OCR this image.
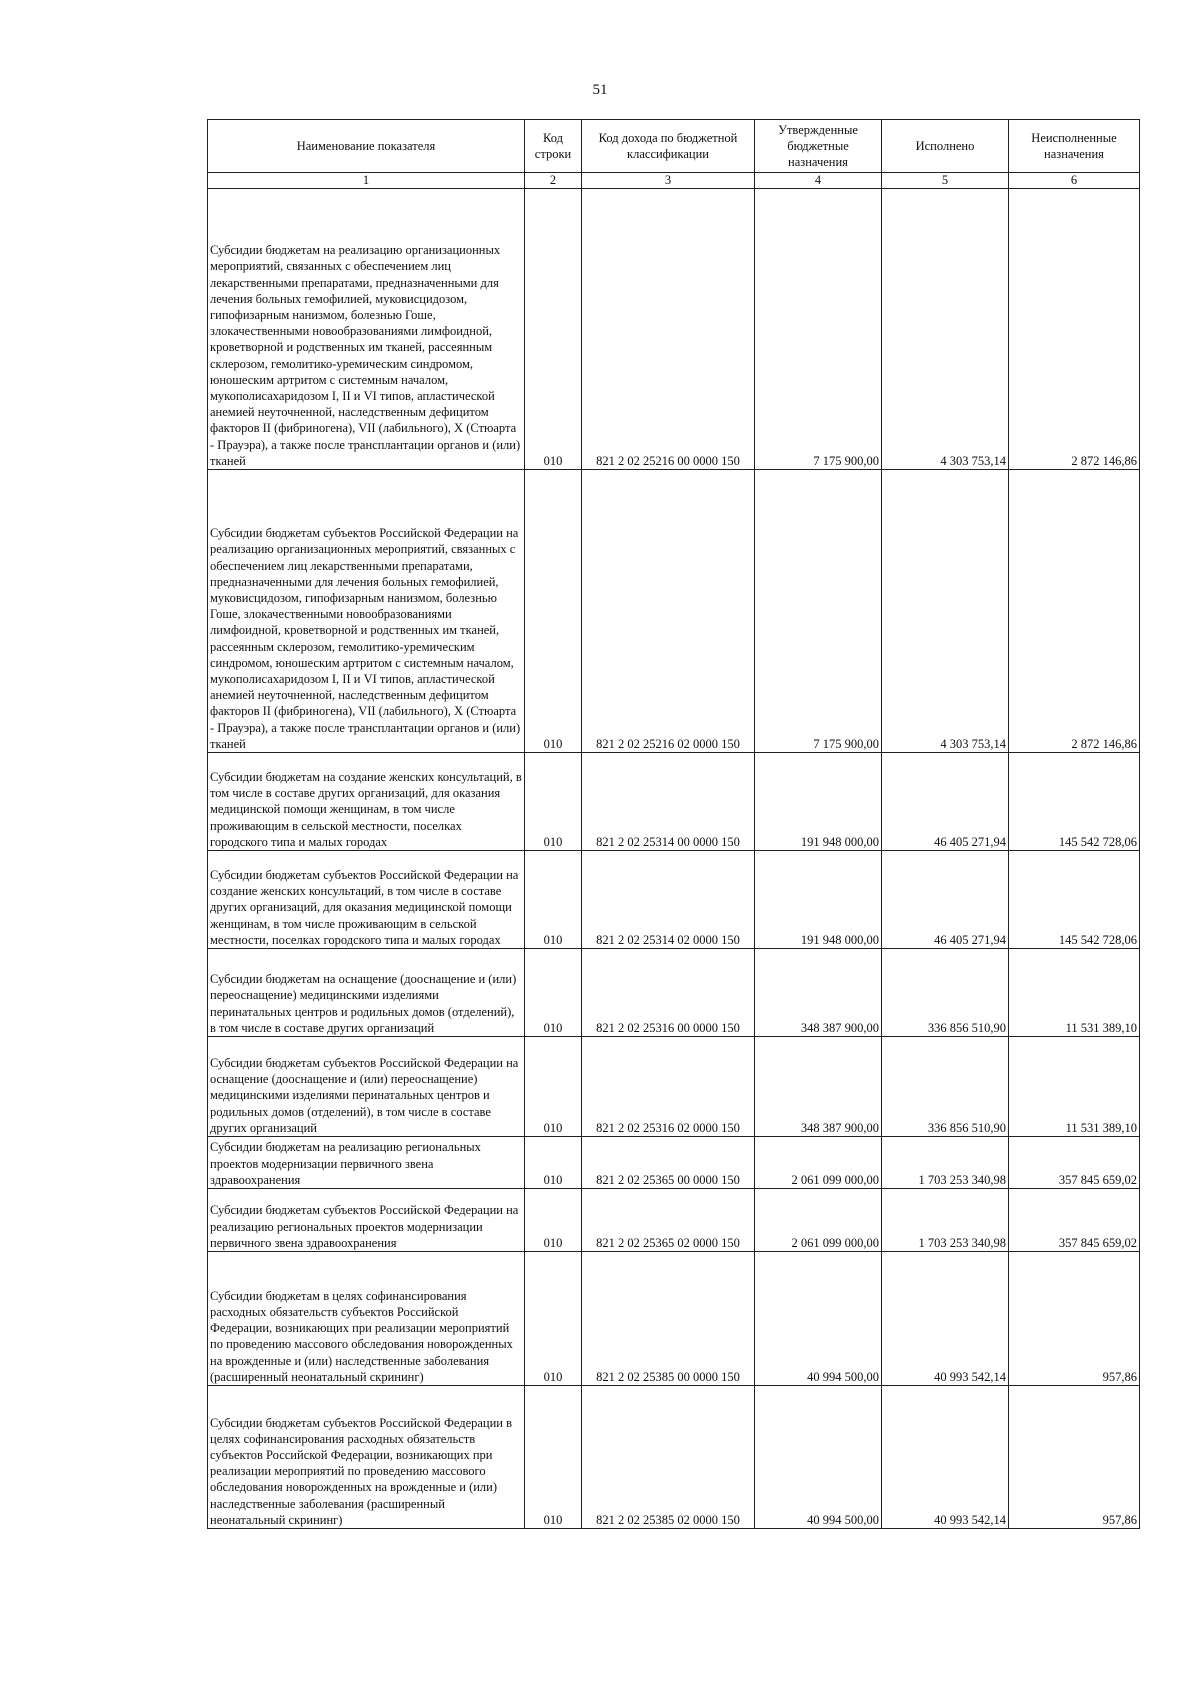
51
Наименование показателя	Код строки	Код дохода по бюджетной классификации	Утвержденные бюджетные назначения	Исполнено	Неисполненные назначения
1	2	3	4	5	6

Субсидии бюджетам на реализацию организационных мероприятий, связанных с обеспечением лиц лекарственными препаратами, предназначенными для лечения больных гемофилией, муковисцидозом, гипофизарным нанизмом, болезнью Гоше, злокачественными новообразованиями лимфоидной, кроветворной и родственных им тканей, рассеянным склерозом, гемолитико-уремическим синдромом, юношеским артритом с системным началом, мукополисахаридозом I, II и VI типов, апластической анемией неуточненной, наследственным дефицитом факторов II (фибриногена), VII (лабильного), X (Стюарта - Прауэра), а также после трансплантации органов и (или) тканей	010	821 2 02 25216 00 0000 150	7 175 900,00	4 303 753,14	2 872 146,86

Субсидии бюджетам субъектов Российской Федерации на реализацию организационных мероприятий, связанных с обеспечением лиц лекарственными препаратами, предназначенными для лечения больных гемофилией, муковисцидозом, гипофизарным нанизмом, болезнью Гоше, злокачественными новообразованиями лимфоидной, кроветворной и родственных им тканей, рассеянным склерозом, гемолитико-уремическим синдромом, юношеским артритом с системным началом, мукополисахаридозом I, II и VI типов, апластической анемией неуточненной, наследственным дефицитом факторов II (фибриногена), VII (лабильного), X (Стюарта - Прауэра), а также после трансплантации органов и (или) тканей	010	821 2 02 25216 02 0000 150	7 175 900,00	4 303 753,14	2 872 146,86

Субсидии бюджетам на создание женских консультаций, в том числе в составе других организаций, для оказания медицинской помощи женщинам, в том числе проживающим в сельской местности, поселках городского типа и малых городах	010	821 2 02 25314 00 0000 150	191 948 000,00	46 405 271,94	145 542 728,06

Субсидии бюджетам субъектов Российской Федерации на создание женских консультаций, в том числе в составе других организаций, для оказания медицинской помощи женщинам, в том числе проживающим в сельской местности, поселках городского типа и малых городах	010	821 2 02 25314 02 0000 150	191 948 000,00	46 405 271,94	145 542 728,06

Субсидии бюджетам на оснащение (дооснащение и (или) переоснащение) медицинскими изделиями перинатальных центров и родильных домов (отделений), в том числе в составе других организаций	010	821 2 02 25316 00 0000 150	348 387 900,00	336 856 510,90	11 531 389,10

Субсидии бюджетам субъектов Российской Федерации на оснащение (дооснащение и (или) переоснащение) медицинскими изделиями перинатальных центров и родильных домов (отделений), в том числе в составе других организаций	010	821 2 02 25316 02 0000 150	348 387 900,00	336 856 510,90	11 531 389,10

Субсидии бюджетам на реализацию региональных проектов модернизации первичного звена здравоохранения	010	821 2 02 25365 00 0000 150	2 061 099 000,00	1 703 253 340,98	357 845 659,02

Субсидии бюджетам субъектов Российской Федерации на реализацию региональных проектов модернизации первичного звена здравоохранения	010	821 2 02 25365 02 0000 150	2 061 099 000,00	1 703 253 340,98	357 845 659,02

Субсидии бюджетам в целях софинансирования расходных обязательств субъектов Российской Федерации, возникающих при реализации мероприятий по проведению массового обследования новорожденных на врожденные и (или) наследственные заболевания (расширенный неонатальный скрининг)	010	821 2 02 25385 00 0000 150	40 994 500,00	40 993 542,14	957,86

Субсидии бюджетам субъектов Российской Федерации в целях софинансирования расходных обязательств субъектов Российской Федерации, возникающих при реализации мероприятий по проведению массового обследования новорожденных на врожденные и (или) наследственные заболевания (расширенный неонатальный скрининг)	010	821 2 02 25385 02 0000 150	40 994 500,00	40 993 542,14	957,86
